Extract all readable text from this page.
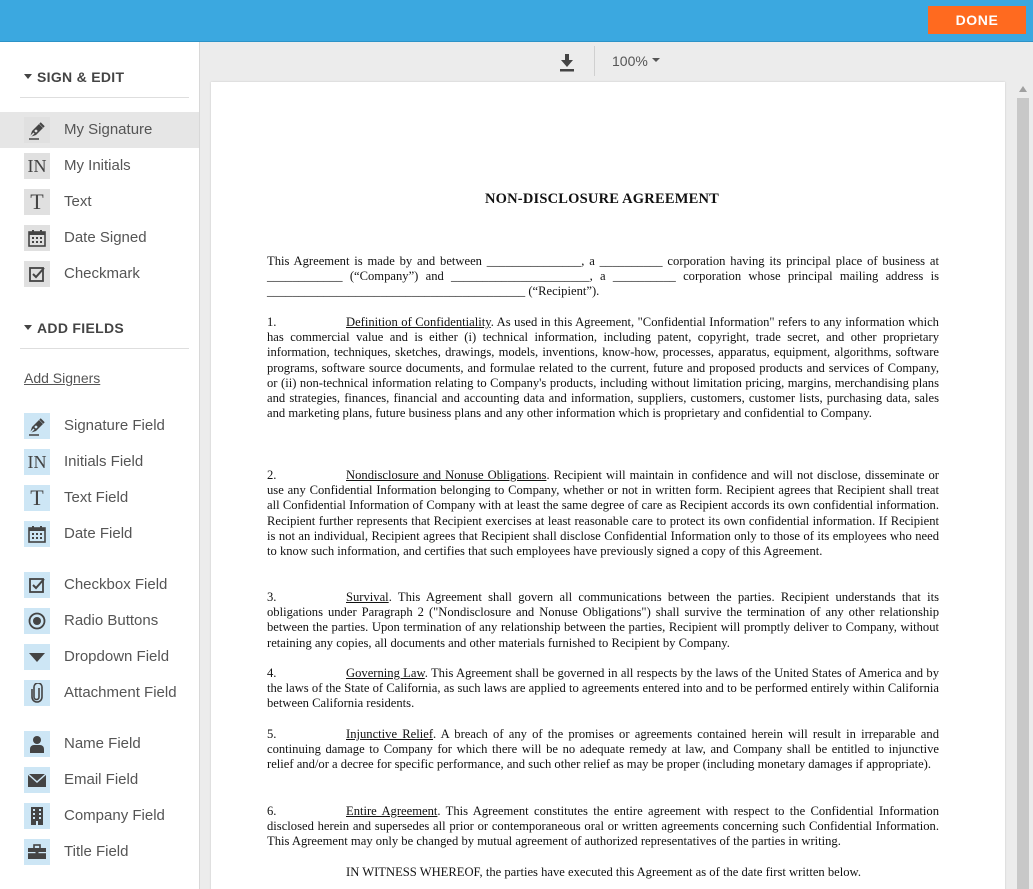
DONE
SIGN & EDIT
My Signature
IN My Initials
T Text
Date Signed
Checkmark
ADD FIELDS
Add Signers
Signature Field
IN Initials Field
T Text Field
Date Field
Checkbox Field
Radio Buttons
Dropdown Field
Attachment Field
Name Field
Email Field
Company Field
Title Field
100%
NON-DISCLOSURE AGREEMENT
This Agreement is made by and between _______________, a __________ corporation having its principal place of business at ____________ (“Company”) and ______________________, a __________ corporation whose principal mailing address is _________________________________________ (“Recipient”).
1.	Definition of Confidentiality. As used in this Agreement, "Confidential Information" refers to any information which has commercial value and is either (i) technical information, including patent, copyright, trade secret, and other proprietary information, techniques, sketches, drawings, models, inventions, know-how, processes, apparatus, equipment, algorithms, software programs, software source documents, and formulae related to the current, future and proposed products and services of Company, or (ii) non-technical information relating to Company's products, including without limitation pricing, margins, merchandising plans and strategies, finances, financial and accounting data and information, suppliers, customers, customer lists, purchasing data, sales and marketing plans, future business plans and any other information which is proprietary and confidential to Company.
2.	Nondisclosure and Nonuse Obligations. Recipient will maintain in confidence and will not disclose, disseminate or use any Confidential Information belonging to Company, whether or not in written form. Recipient agrees that Recipient shall treat all Confidential Information of Company with at least the same degree of care as Recipient accords its own confidential information. Recipient further represents that Recipient exercises at least reasonable care to protect its own confidential information. If Recipient is not an individual, Recipient agrees that Recipient shall disclose Confidential Information only to those of its employees who need to know such information, and certifies that such employees have previously signed a copy of this Agreement.
3.	Survival. This Agreement shall govern all communications between the parties. Recipient understands that its obligations under Paragraph 2 ("Nondisclosure and Nonuse Obligations") shall survive the termination of any other relationship between the parties. Upon termination of any relationship between the parties, Recipient will promptly deliver to Company, without retaining any copies, all documents and other materials furnished to Recipient by Company.
4.	Governing Law. This Agreement shall be governed in all respects by the laws of the United States of America and by the laws of the State of California, as such laws are applied to agreements entered into and to be performed entirely within California between California residents.
5.	Injunctive Relief. A breach of any of the promises or agreements contained herein will result in irreparable and continuing damage to Company for which there will be no adequate remedy at law, and Company shall be entitled to injunctive relief and/or a decree for specific performance, and such other relief as may be proper (including monetary damages if appropriate).
6.	Entire Agreement. This Agreement constitutes the entire agreement with respect to the Confidential Information disclosed herein and supersedes all prior or contemporaneous oral or written agreements concerning such Confidential Information. This Agreement may only be changed by mutual agreement of authorized representatives of the parties in writing.
IN WITNESS WHEREOF, the parties have executed this Agreement as of the date first written below.
